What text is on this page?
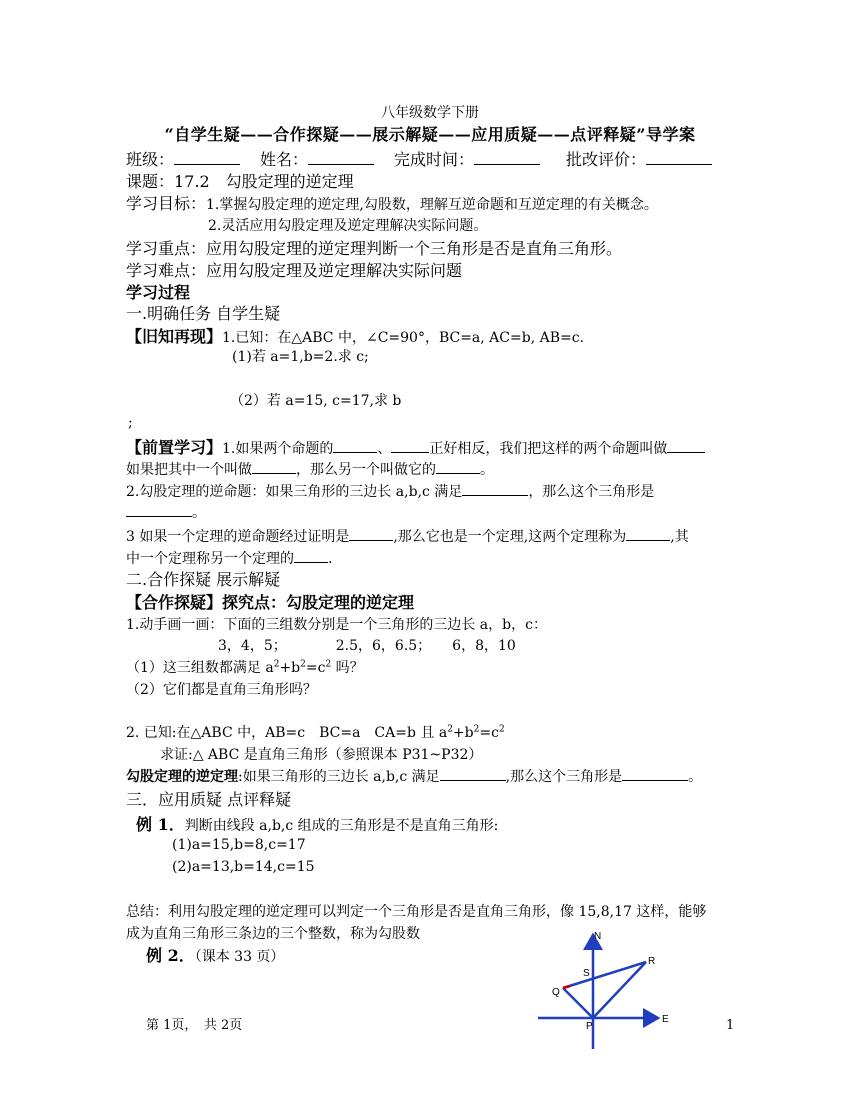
八年级数学下册
“自学生疑——合作探疑——展示解疑——应用质疑——点评释疑”导学案
班级：	姓名：	完成时间：	批改评价：
课题：17.2　勾股定理的逆定理
学习目标：1.掌握勾股定理的逆定理,勾股数，理解互逆命题和互逆定理的有关概念。
2.灵活应用勾股定理及逆定理解决实际问题。
学习重点：应用勾股定理的逆定理判断一个三角形是否是直角三角形。
学习难点：应用勾股定理及逆定理解决实际问题
学习过程
一.明确任务 自学生疑
【旧知再现】1.已知：在△ABC 中，∠C=90°，BC=a, AC=b, AB=c.
(1)若 a=1,b=2.求 c;
（2）若 a=15, c=17,求 b
;
【前置学习】1.如果两个命题的	、	正好相反，我们把这样的两个命题叫做
如果把其中一个叫做	，那么另一个叫做它的	。
2.勾股定理的逆命题：如果三角形的三边长 a,b,c 满足	，那么这个三角形是
。
3 如果一个定理的逆命题经过证明是	,那么它也是一个定理,这两个定理称为	,其
中一个定理称另一个定理的 .
二.合作探疑 展示解疑
【合作探疑】探究点：勾股定理的逆定理
1.动手画一画：下面的三组数分别是一个三角形的三边长 a，b，c：
3，4，5；　　　　2.5，6，6.5；　　6，8，10
（1）这三组数都满足 $a^2+b^2=c^2$ 吗？
（2）它们都是直角三角形吗？
2. 已知:在△ABC 中，AB=c　BC=a　CA=b 且 $a^2+b^2=c^2$
求证:△ ABC 是直角三角形（参照课本 P31~P32）
勾股定理的逆定理:如果三角形的三边长 a,b,c 满足	,那么这个三角形是	。
三．应用质疑 点评释疑
例 1．判断由线段 a,b,c 组成的三角形是不是直角三角形:
(1)a=15,b=8,c=17
(2)a=13,b=14,c=15
总结：利用勾股定理的逆定理可以判定一个三角形是否是直角三角形，像 15,8,17 这样，能够
成为直角三角形三条边的三个整数，称为勾股数
例 2．（课本 33 页）
N
E
P
Q
R
S
第 1页，　共 2页	1
